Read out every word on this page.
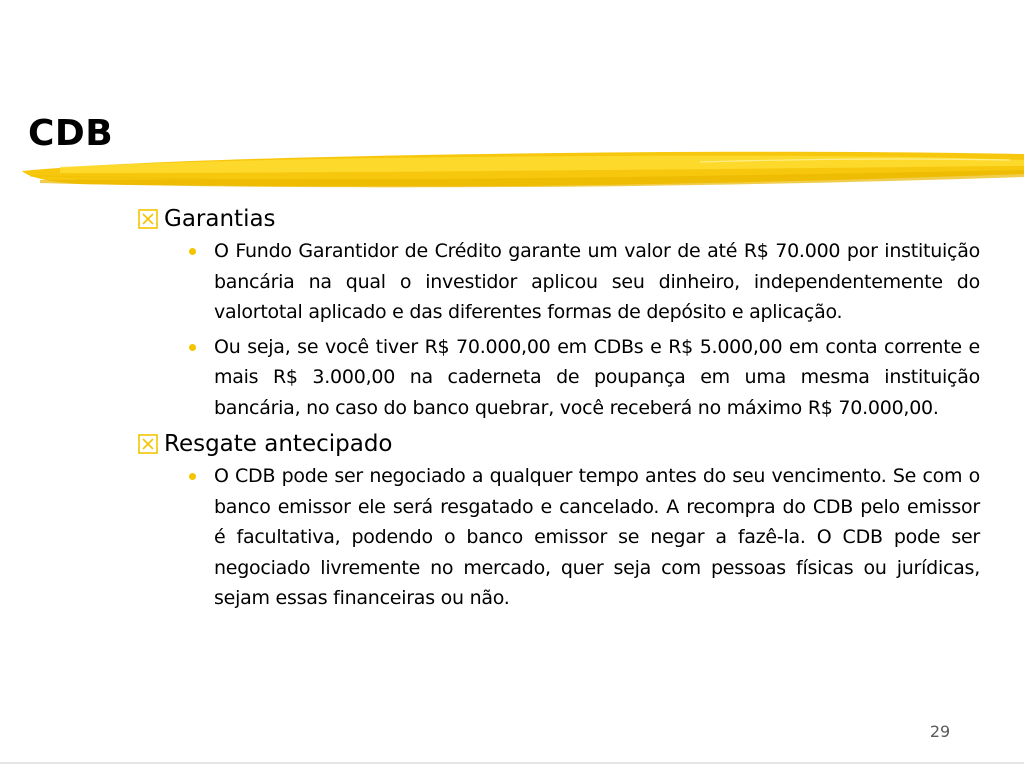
CDB
Garantias
O Fundo Garantidor de Crédito garante um valor de até R$ 70.000 por instituição bancária na qual o investidor aplicou seu dinheiro, independentemente do valortotal aplicado e das diferentes formas de depósito e aplicação.
Ou seja, se você tiver R$ 70.000,00 em CDBs e R$ 5.000,00 em conta corrente e mais R$ 3.000,00 na caderneta de poupança em uma mesma instituição bancária, no caso do banco quebrar, você receberá no máximo R$ 70.000,00.
Resgate antecipado
O CDB pode ser negociado a qualquer tempo antes do seu vencimento. Se com o banco emissor ele será resgatado e cancelado. A recompra do CDB pelo emissor é facultativa, podendo o banco emissor se negar a fazê-la. O CDB pode ser negociado livremente no mercado, quer seja com pessoas físicas ou jurídicas, sejam essas financeiras ou não.
29
